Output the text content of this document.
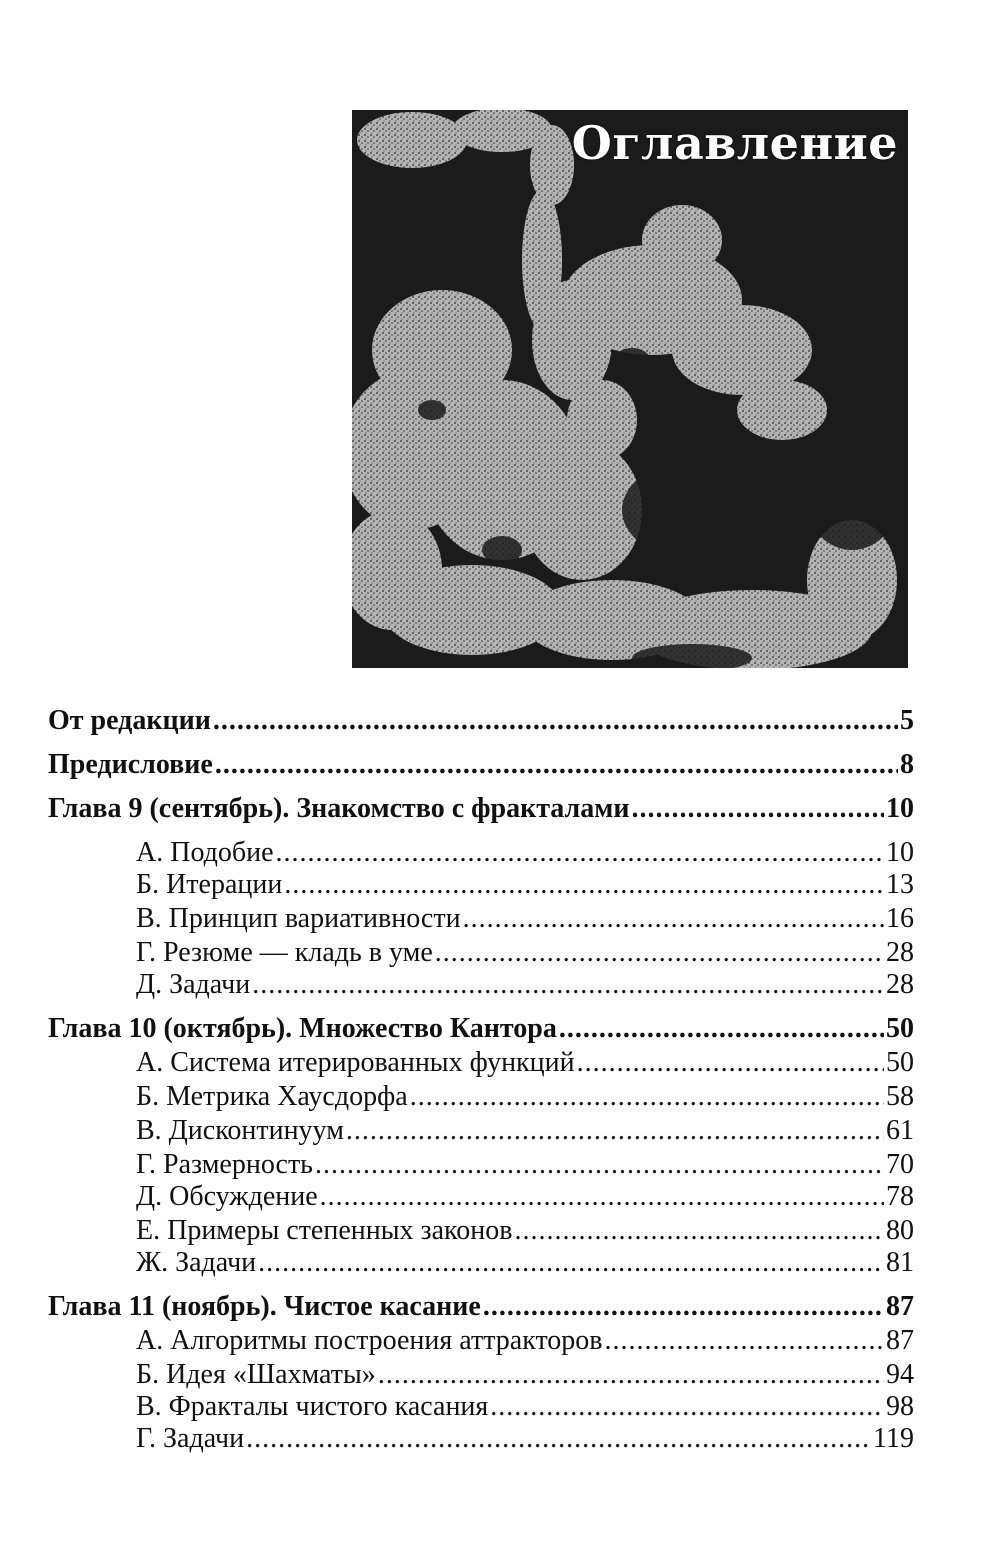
Оглавление
От редакции .....	5
Предисловие .....	8
Глава 9 (сентябрь). Знакомство с фракталами .....	10
А. Подобие .....	10
Б. Итерации .....	13
В. Принцип вариативности .....	16
Г. Резюме — кладь в уме .....	28
Д. Задачи .....	28
Глава 10 (октябрь). Множество Кантора .....	50
А. Система итерированных функций .....	50
Б. Метрика Хаусдорфа .....	58
В. Дисконтинуум .....	61
Г. Размерность .....	70
Д. Обсуждение .....	78
Е. Примеры степенных законов .....	80
Ж. Задачи .....	81
Глава 11 (ноябрь). Чистое касание .....	87
А. Алгоритмы построения аттракторов .....	87
Б. Идея «Шахматы» .....	94
В. Фракталы чистого касания .....	98
Г. Задачи .....	119
